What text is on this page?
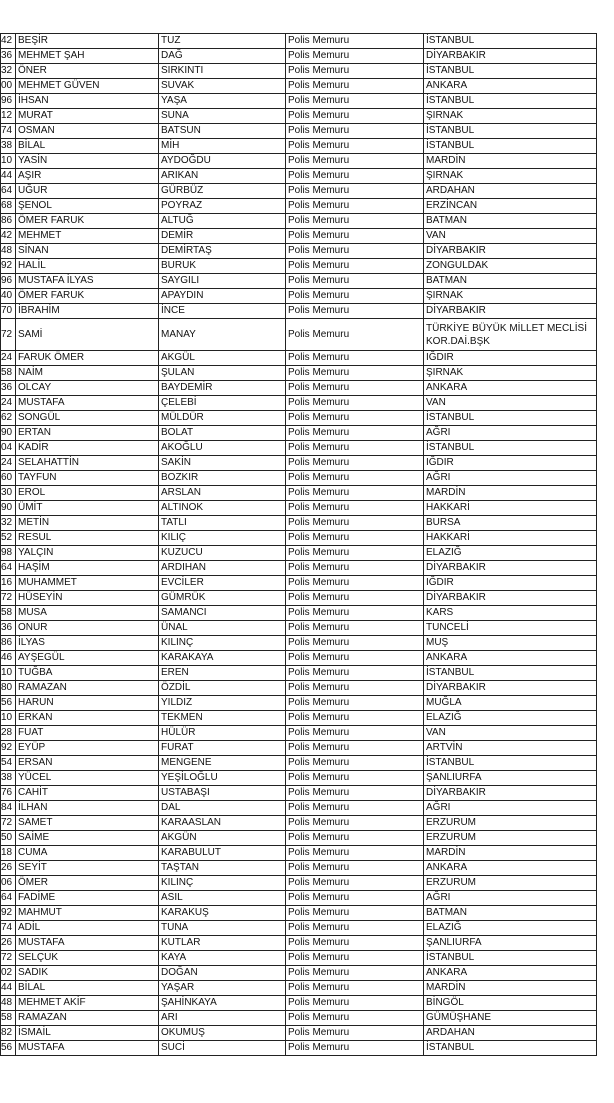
42	BEŞİR	TUZ	Polis Memuru	İSTANBUL
36	MEHMET ŞAH	DAĞ	Polis Memuru	DİYARBAKIR
32	ÖNER	SIRKINTI	Polis Memuru	İSTANBUL
00	MEHMET GÜVEN	SUVAK	Polis Memuru	ANKARA
96	İHSAN	YAŞA	Polis Memuru	İSTANBUL
12	MURAT	SUNA	Polis Memuru	ŞIRNAK
74	OSMAN	BATSUN	Polis Memuru	İSTANBUL
38	BİLAL	MİH	Polis Memuru	İSTANBUL
10	YASİN	AYDOĞDU	Polis Memuru	MARDİN
44	AŞIR	ARIKAN	Polis Memuru	ŞIRNAK
64	UĞUR	GÜRBÜZ	Polis Memuru	ARDAHAN
68	ŞENOL	POYRAZ	Polis Memuru	ERZİNCAN
86	ÖMER FARUK	ALTUĞ	Polis Memuru	BATMAN
42	MEHMET	DEMİR	Polis Memuru	VAN
48	SİNAN	DEMİRTAŞ	Polis Memuru	DİYARBAKIR
92	HALİL	BURUK	Polis Memuru	ZONGULDAK
96	MUSTAFA İLYAS	SAYGILI	Polis Memuru	BATMAN
40	ÖMER FARUK	APAYDIN	Polis Memuru	ŞIRNAK
70	İBRAHİM	İNCE	Polis Memuru	DİYARBAKIR
72	SAMİ	MANAY	Polis Memuru	TÜRKİYE BÜYÜK MİLLET MECLİSİ KOR.DAİ.BŞK
24	FARUK ÖMER	AKGÜL	Polis Memuru	IĞDIR
58	NAİM	ŞULAN	Polis Memuru	ŞIRNAK
36	OLCAY	BAYDEMİR	Polis Memuru	ANKARA
24	MUSTAFA	ÇELEBİ	Polis Memuru	VAN
62	SONGÜL	MÜLDÜR	Polis Memuru	İSTANBUL
90	ERTAN	BOLAT	Polis Memuru	AĞRI
04	KADİR	AKOĞLU	Polis Memuru	İSTANBUL
24	SELAHATTİN	SAKİN	Polis Memuru	IĞDIR
60	TAYFUN	BOZKIR	Polis Memuru	AĞRI
30	EROL	ARSLAN	Polis Memuru	MARDİN
90	ÜMİT	ALTINOK	Polis Memuru	HAKKARİ
32	METİN	TATLI	Polis Memuru	BURSA
52	RESUL	KILIÇ	Polis Memuru	HAKKARİ
98	YALÇIN	KUZUCU	Polis Memuru	ELAZIĞ
64	HAŞİM	ARDIHAN	Polis Memuru	DİYARBAKIR
16	MUHAMMET	EVCİLER	Polis Memuru	IĞDIR
72	HÜSEYİN	GÜMRÜK	Polis Memuru	DİYARBAKIR
58	MUSA	SAMANCI	Polis Memuru	KARS
36	ONUR	ÜNAL	Polis Memuru	TUNCELİ
86	İLYAS	KILINÇ	Polis Memuru	MUŞ
46	AYŞEGÜL	KARAKAYA	Polis Memuru	ANKARA
10	TUĞBA	EREN	Polis Memuru	İSTANBUL
80	RAMAZAN	ÖZDİL	Polis Memuru	DİYARBAKIR
56	HARUN	YILDIZ	Polis Memuru	MUĞLA
10	ERKAN	TEKMEN	Polis Memuru	ELAZIĞ
28	FUAT	HÜLÜR	Polis Memuru	VAN
92	EYÜP	FURAT	Polis Memuru	ARTVİN
54	ERSAN	MENGENE	Polis Memuru	İSTANBUL
38	YÜCEL	YEŞİLOĞLU	Polis Memuru	ŞANLIURFA
76	CAHİT	USTABAŞI	Polis Memuru	DİYARBAKIR
84	İLHAN	DAL	Polis Memuru	AĞRI
72	SAMET	KARAASLAN	Polis Memuru	ERZURUM
50	SAİME	AKGÜN	Polis Memuru	ERZURUM
18	CUMA	KARABULUT	Polis Memuru	MARDİN
26	SEYİT	TAŞTAN	Polis Memuru	ANKARA
06	ÖMER	KILINÇ	Polis Memuru	ERZURUM
64	FADİME	ASIL	Polis Memuru	AĞRI
92	MAHMUT	KARAKUŞ	Polis Memuru	BATMAN
74	ADİL	TUNA	Polis Memuru	ELAZIĞ
26	MUSTAFA	KUTLAR	Polis Memuru	ŞANLIURFA
72	SELÇUK	KAYA	Polis Memuru	İSTANBUL
02	SADIK	DOĞAN	Polis Memuru	ANKARA
44	BİLAL	YAŞAR	Polis Memuru	MARDİN
48	MEHMET AKİF	ŞAHİNKAYA	Polis Memuru	BİNGÖL
58	RAMAZAN	ARI	Polis Memuru	GÜMÜŞHANE
82	İSMAİL	OKUMUŞ	Polis Memuru	ARDAHAN
56	MUSTAFA	SUCİ	Polis Memuru	İSTANBUL
